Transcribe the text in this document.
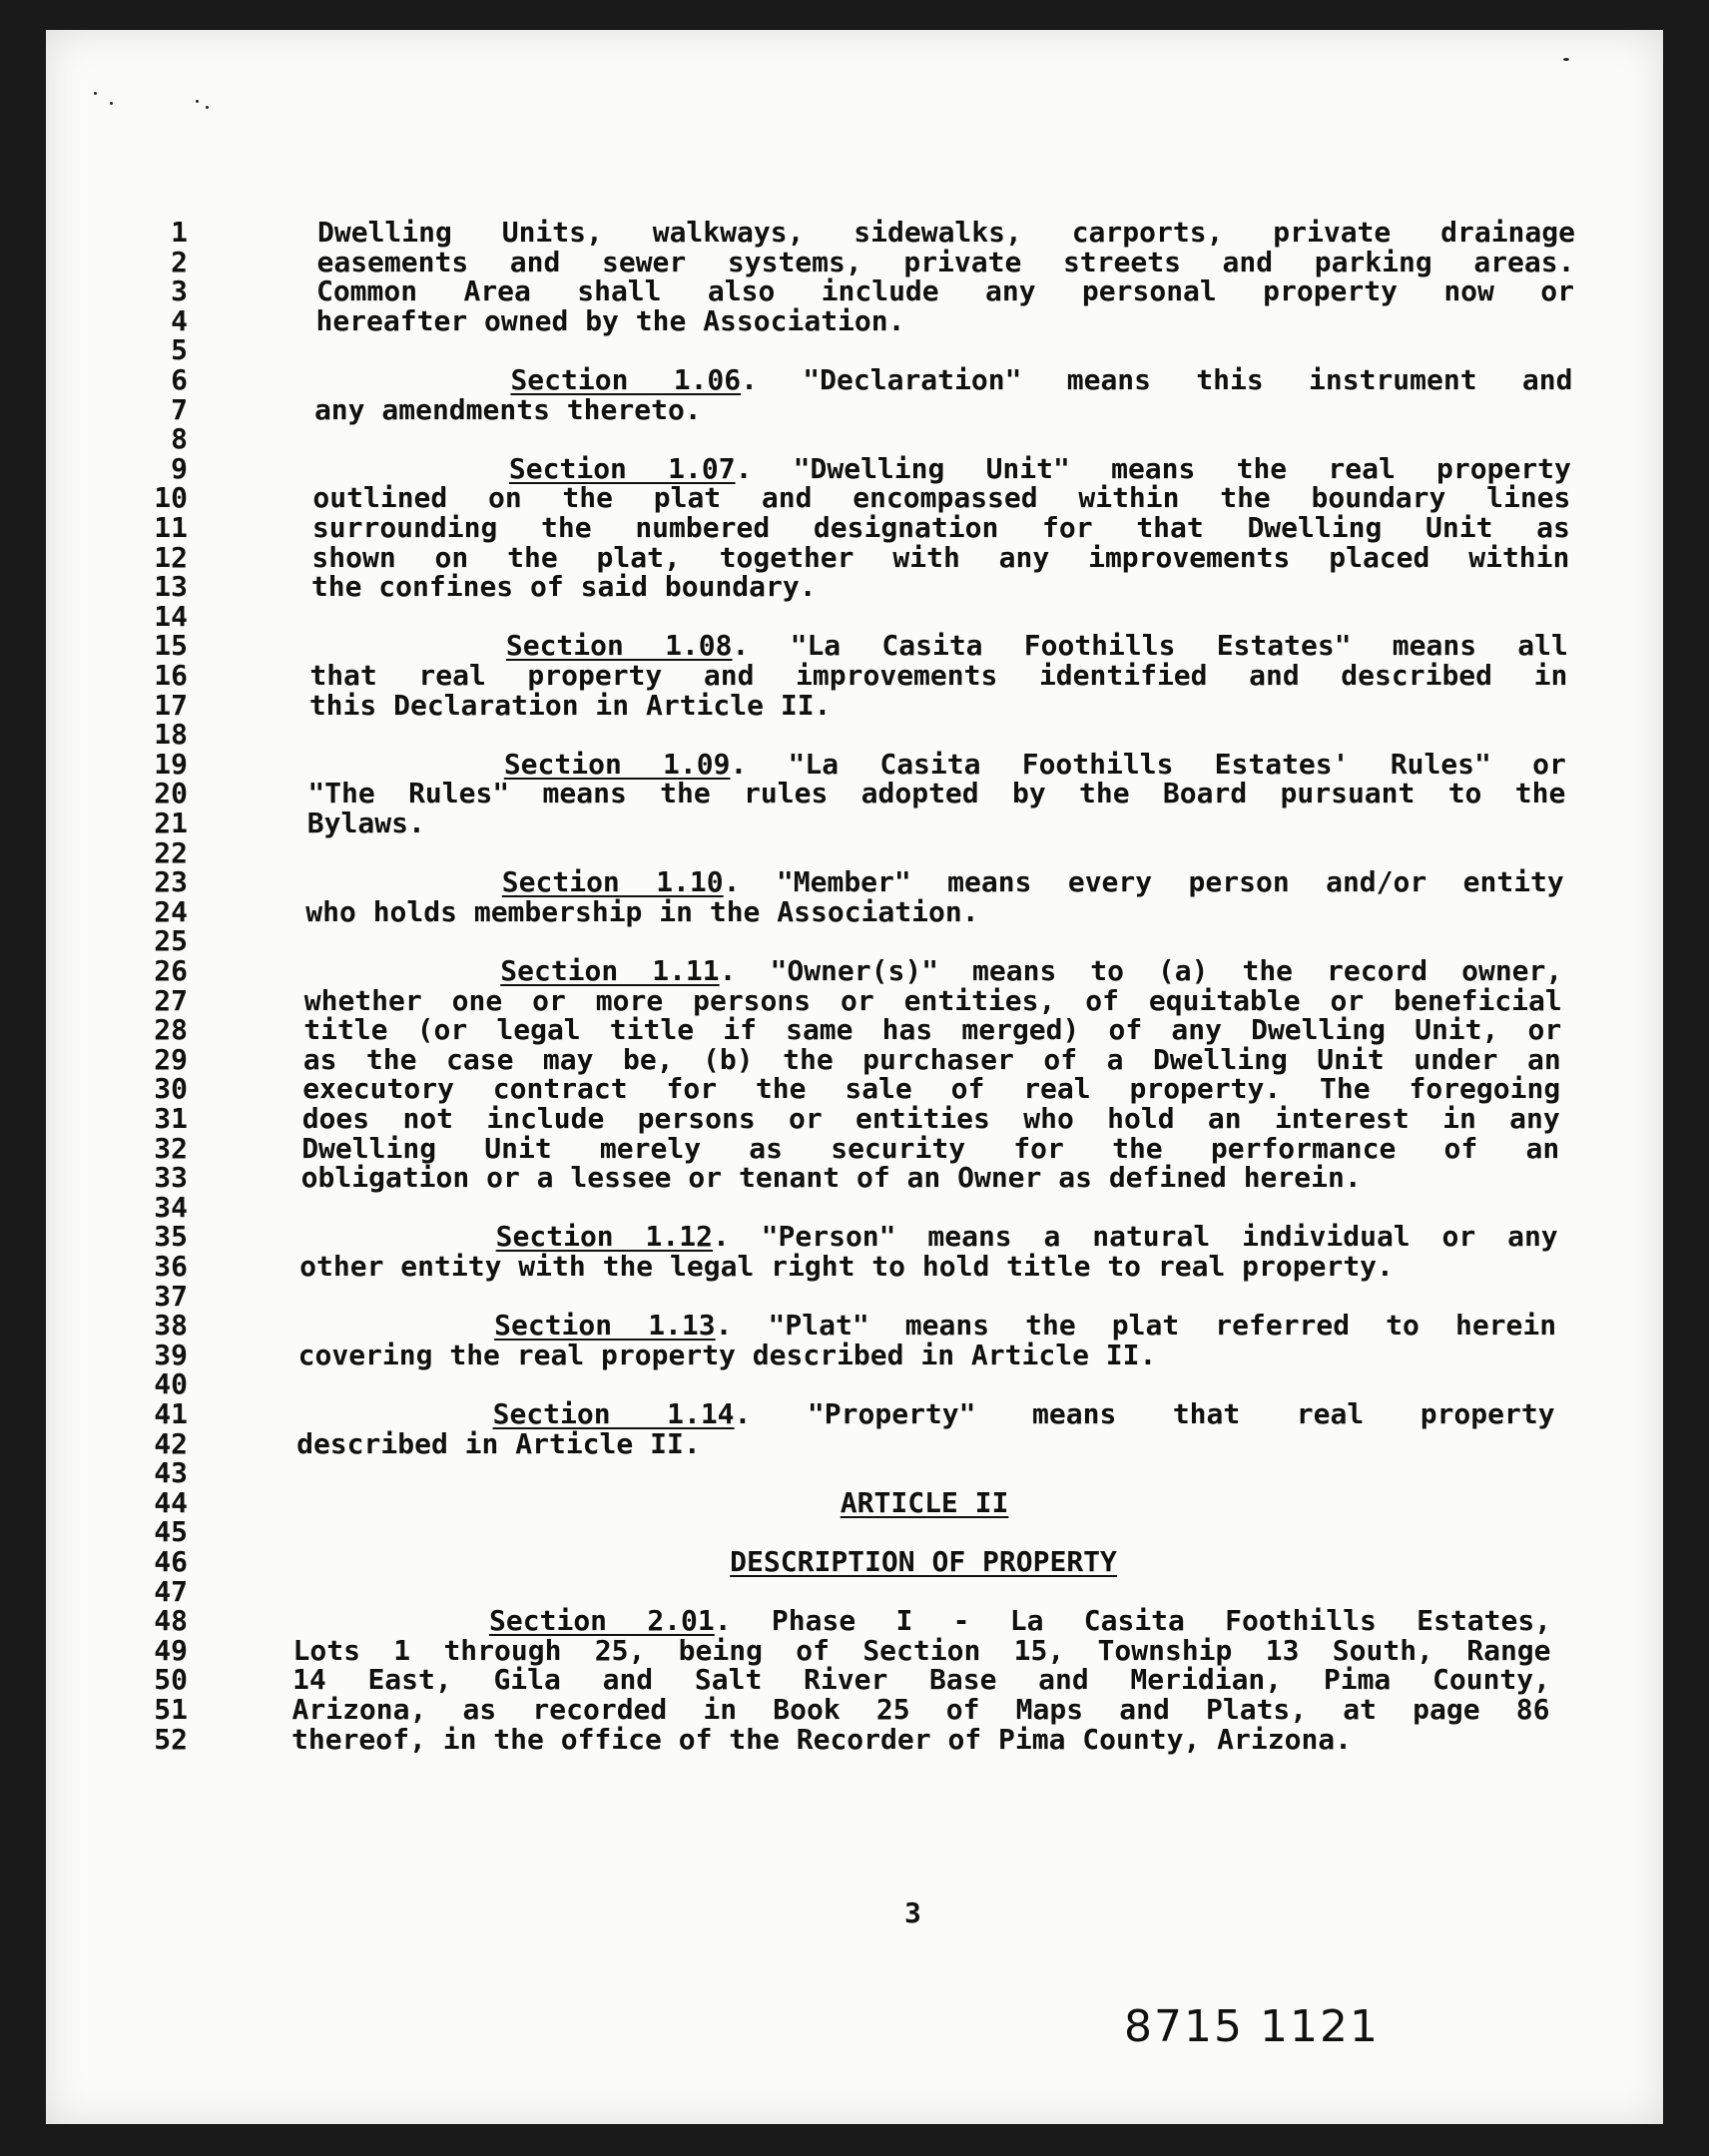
3
8715 1121
1	Dwelling Units, walkways, sidewalks, carports, private drainage
2	easements and sewer systems, private streets and parking areas.
3	Common Area shall also include any personal property now or
4	hereafter owned by the Association.
5
6	Section 1.06. "Declaration" means this instrument and
7	any amendments thereto.
8
9	Section 1.07. "Dwelling Unit" means the real property
10	outlined on the plat and encompassed within the boundary lines
11	surrounding the numbered designation for that Dwelling Unit as
12	shown on the plat, together with any improvements placed within
13	the confines of said boundary.
14
15	Section 1.08. "La Casita Foothills Estates" means all
16	that real property and improvements identified and described in
17	this Declaration in Article II.
18
19	Section 1.09. "La Casita Foothills Estates' Rules" or
20	"The Rules" means the rules adopted by the Board pursuant to the
21	Bylaws.
22
23	Section 1.10. "Member" means every person and/or entity
24	who holds membership in the Association.
25
26	Section 1.11. "Owner(s)" means to (a) the record owner,
27	whether one or more persons or entities, of equitable or beneficial
28	title (or legal title if same has merged) of any Dwelling Unit, or
29	as the case may be, (b) the purchaser of a Dwelling Unit under an
30	executory contract for the sale of real property. The foregoing
31	does not include persons or entities who hold an interest in any
32	Dwelling Unit merely as security for the performance of an
33	obligation or a lessee or tenant of an Owner as defined herein.
34
35	Section 1.12. "Person" means a natural individual or any
36	other entity with the legal right to hold title to real property.
37
38	Section 1.13. "Plat" means the plat referred to herein
39	covering the real property described in Article II.
40
41	Section 1.14. "Property" means that real property
42	described in Article II.
43
44	ARTICLE II
45
46	DESCRIPTION OF PROPERTY
47
48	Section 2.01. Phase I - La Casita Foothills Estates,
49	Lots 1 through 25, being of Section 15, Township 13 South, Range
50	14 East, Gila and Salt River Base and Meridian, Pima County,
51	Arizona, as recorded in Book 25 of Maps and Plats, at page 86
52	thereof, in the office of the Recorder of Pima County, Arizona.
